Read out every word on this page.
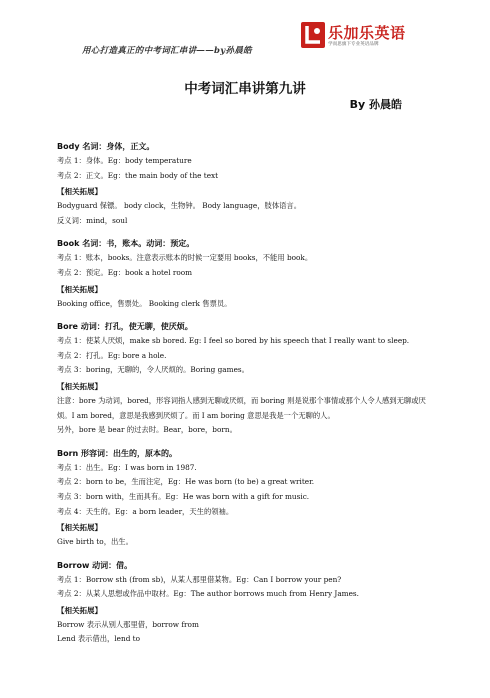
用心打造真正的中考词汇串讲——by孙晨皓
乐加乐英语
学而思旗下专业英语品牌
中考词汇串讲第九讲
By 孙晨皓
Body 名词：身体，正文。
考点 1：身体。Eg：body temperature
考点 2：正文。Eg：the main body of the text
【相关拓展】
Bodyguard 保镖。 body clock，生物钟。 Body language，肢体语言。
反义词：mind，soul
Book 名词：书，账本。动词：预定。
考点 1：账本，books。注意表示账本的时候一定要用 books，不能用 book。
考点 2：预定。Eg：book a hotel room
【相关拓展】
Booking office，售票处。 Booking clerk 售票员。
Bore 动词：打孔，使无聊，使厌烦。
考点 1：使某人厌烦，make sb bored. Eg: I feel so bored by his speech that I really want to sleep.
考点 2：打孔。Eg: bore a hole.
考点 3：boring，无聊的，令人厌烦的。Boring games。
【相关拓展】
注意：bore 为动词，bored，形容词指人感到无聊或厌烦，而 boring 则是说那个事情或那个人令人感到无聊或厌烦。I am bored，意思是我感到厌烦了。而 I am boring 意思是我是一个无聊的人。
另外，bore 是 bear 的过去时。Bear，bore，born。
Born 形容词：出生的，原本的。
考点 1：出生。Eg：I was born in 1987.
考点 2：born to be，生而注定，Eg：He was born (to be) a great writer.
考点 3：born with，生而具有。Eg：He was born with a gift for music.
考点 4：天生的。Eg：a born leader，天生的领袖。
【相关拓展】
Give birth to，出生。
Borrow 动词：借。
考点 1：Borrow sth (from sb)，从某人那里借某物。Eg：Can I borrow your pen?
考点 2：从某人思想或作品中取材。Eg：The author borrows much from Henry James.
【相关拓展】
Borrow 表示从别人那里借，borrow from
Lend 表示借出，lend to
